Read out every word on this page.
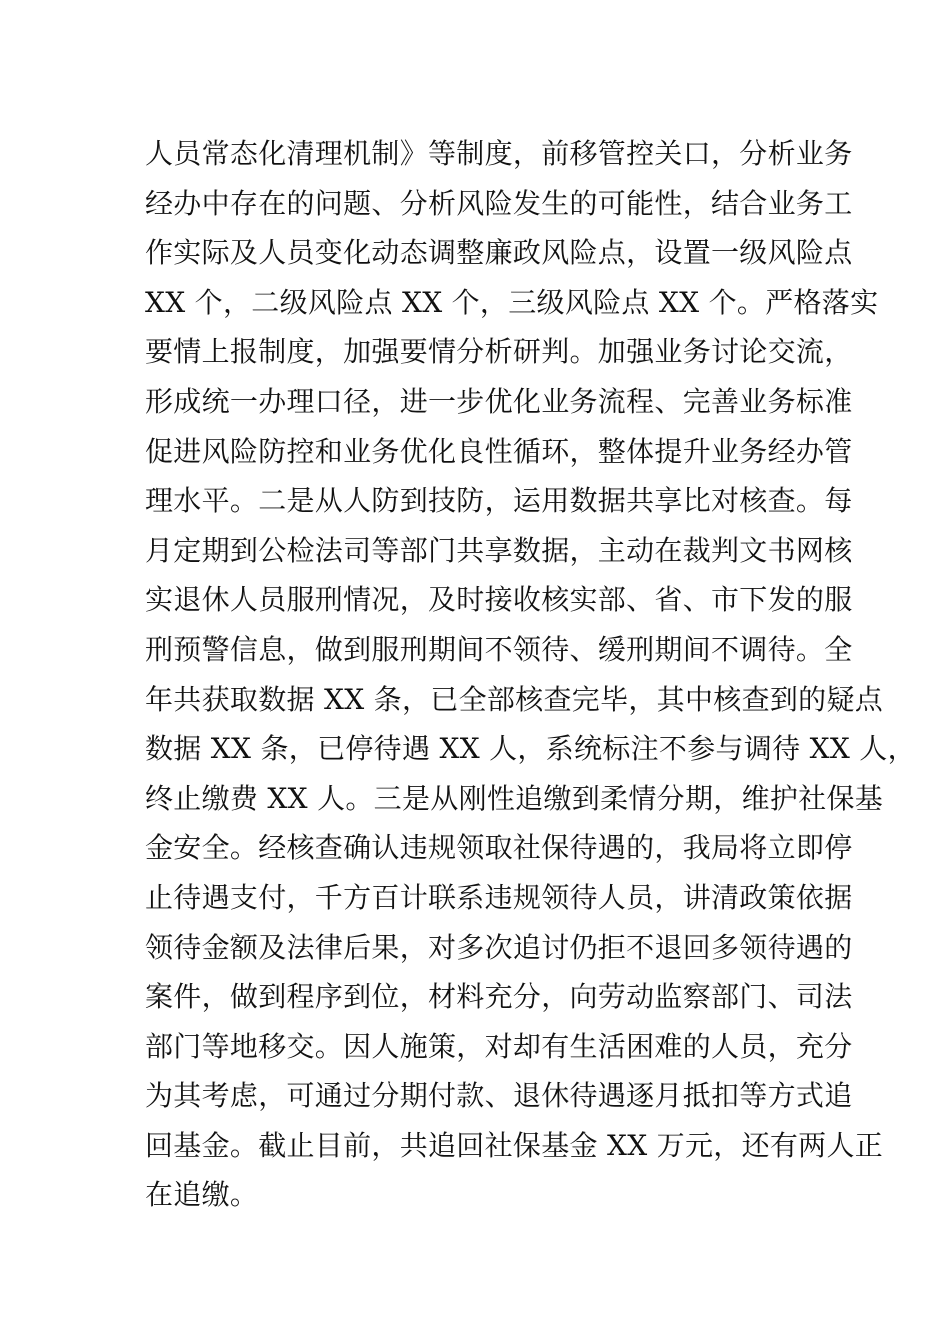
人员常态化清理机制》等制度，前移管控关口，分析业务
经办中存在的问题、分析风险发生的可能性，结合业务工
作实际及人员变化动态调整廉政风险点，设置一级风险点
XX 个，二级风险点 XX 个，三级风险点 XX 个。严格落实
要情上报制度，加强要情分析研判。加强业务讨论交流，
形成统一办理口径，进一步优化业务流程、完善业务标准
促进风险防控和业务优化良性循环，整体提升业务经办管
理水平。二是从人防到技防，运用数据共享比对核查。每
月定期到公检法司等部门共享数据，主动在裁判文书网核
实退休人员服刑情况，及时接收核实部、省、市下发的服
刑预警信息，做到服刑期间不领待、缓刑期间不调待。全
年共获取数据 XX 条，已全部核查完毕，其中核查到的疑点
数据 XX 条，已停待遇 XX 人，系统标注不参与调待 XX 人，
终止缴费 XX 人。三是从刚性追缴到柔情分期，维护社保基
金安全。经核查确认违规领取社保待遇的，我局将立即停
止待遇支付，千方百计联系违规领待人员，讲清政策依据
领待金额及法律后果，对多次追讨仍拒不退回多领待遇的
案件，做到程序到位，材料充分，向劳动监察部门、司法
部门等地移交。因人施策，对却有生活困难的人员，充分
为其考虑，可通过分期付款、退休待遇逐月抵扣等方式追
回基金。截止目前，共追回社保基金 XX 万元，还有两人正
在追缴。
